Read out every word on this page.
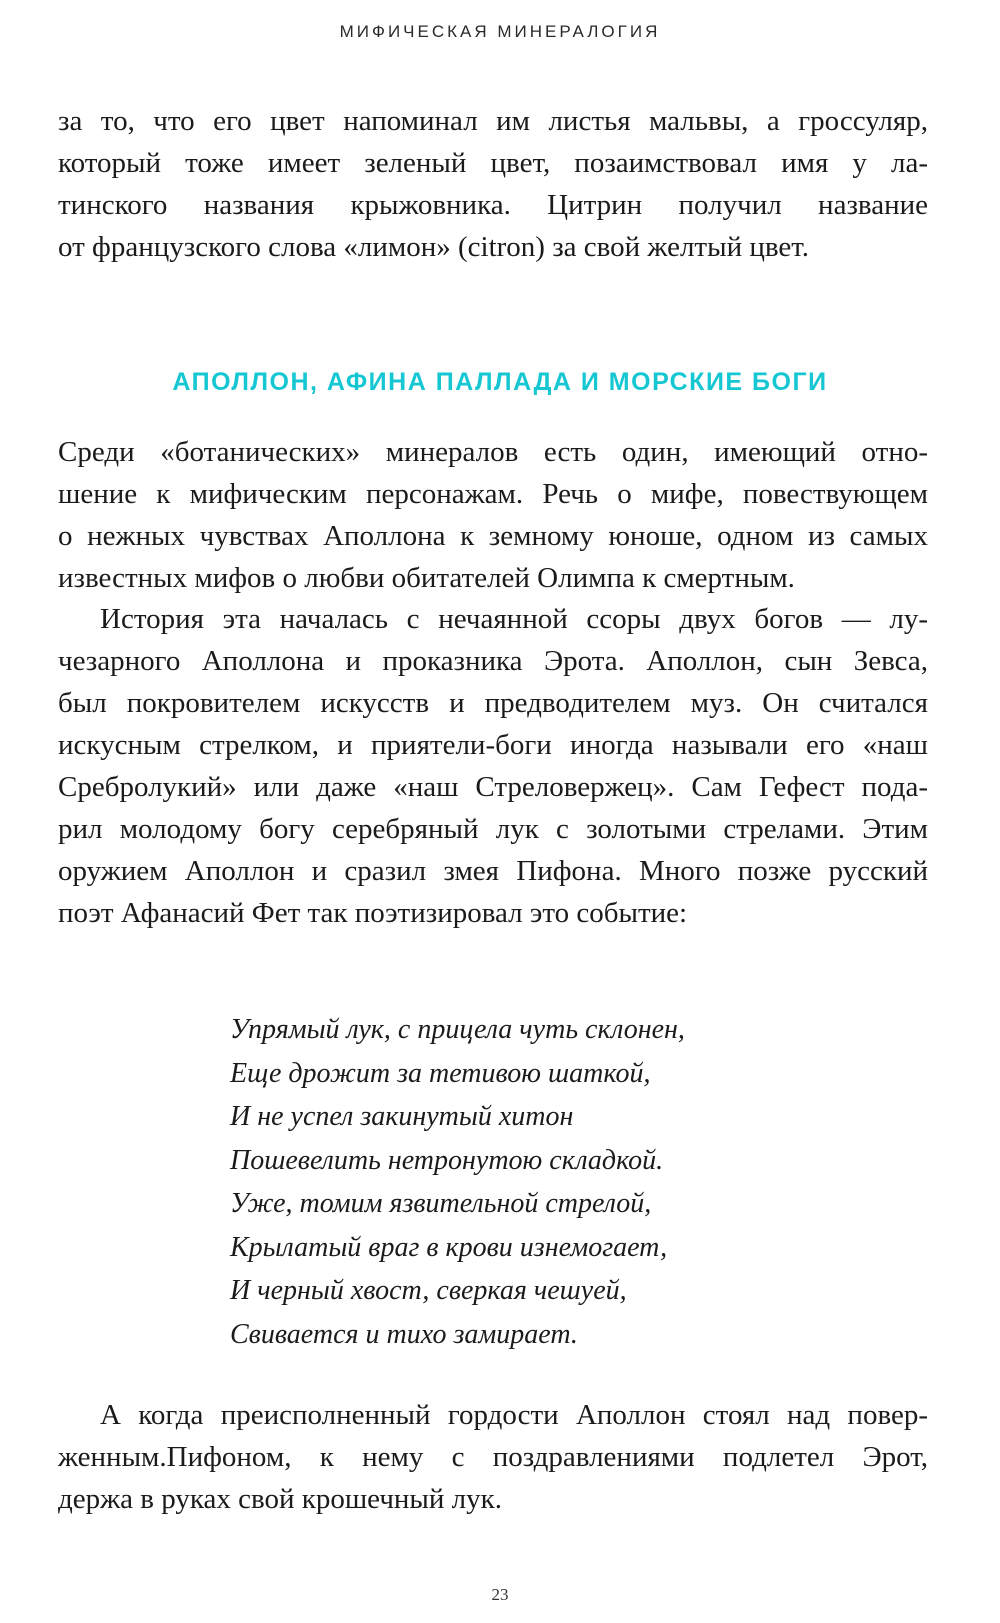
МИФИЧЕСКАЯ МИНЕРАЛОГИЯ
за то, что его цвет напоминал им листья мальвы, а гроссуляр,
который тоже имеет зеленый цвет, позаимствовал имя у ла-
тинского названия крыжовника. Цитрин получил название
от французского слова «лимон» (citron) за свой желтый цвет.
АПОЛЛОН, АФИНА ПАЛЛАДА И МОРСКИЕ БОГИ
Среди «ботанических» минералов есть один, имеющий отно-
шение к мифическим персонажам. Речь о мифе, повествующем
о нежных чувствах Аполлона к земному юноше, одном из самых
известных мифов о любви обитателей Олимпа к смертным.
История эта началась с нечаянной ссоры двух богов — лу-
чезарного Аполлона и проказника Эрота. Аполлон, сын Зевса,
был покровителем искусств и предводителем муз. Он считался
искусным стрелком, и приятели-боги иногда называли его «наш
Сребролукий» или даже «наш Стреловержец». Сам Гефест пода-
рил молодому богу серебряный лук с золотыми стрелами. Этим
оружием Аполлон и сразил змея Пифона. Много позже русский
поэт Афанасий Фет так поэтизировал это событие:
Упрямый лук, с прицела чуть склонен,
Еще дрожит за тетивою шаткой,
И не успел закинутый хитон
Пошевелить нетронутою складкой.
Уже, томим язвительной стрелой,
Крылатый враг в крови изнемогает,
И черный хвост, сверкая чешуей,
Свивается и тихо замирает.
А когда преисполненный гордости Аполлон стоял над повер-
женным.Пифоном, к нему с поздравлениями подлетел Эрот,
держа в руках свой крошечный лук.
23
